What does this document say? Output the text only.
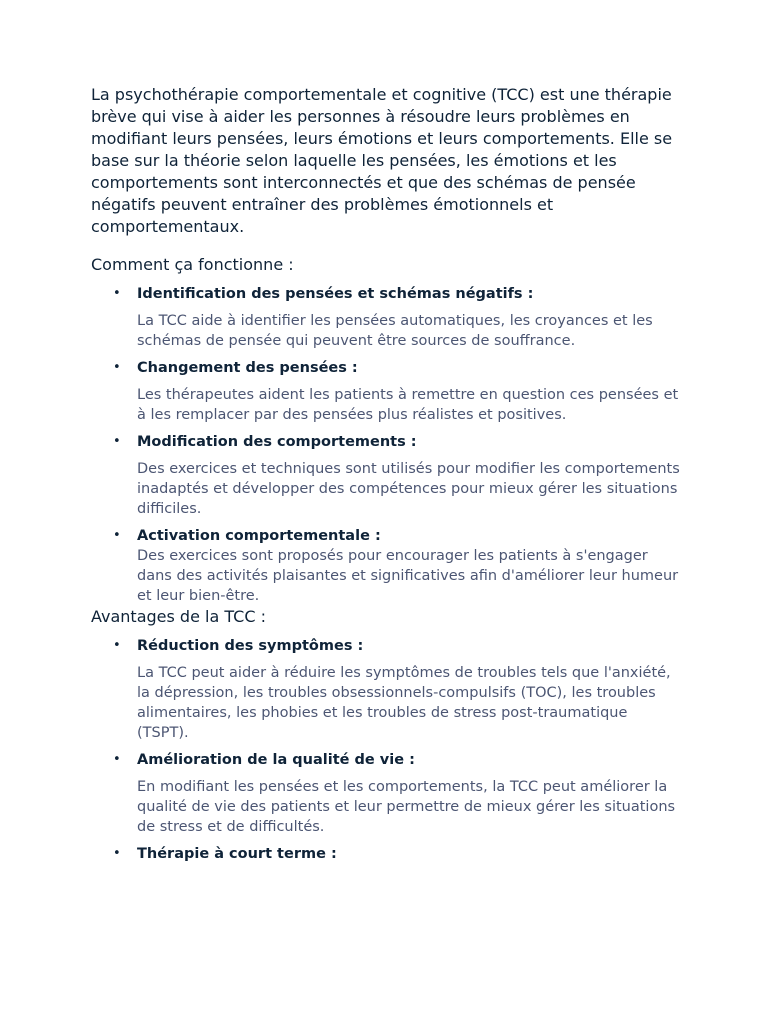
La psychothérapie comportementale et cognitive (TCC) est une thérapie brève qui vise à aider les personnes à résoudre leurs problèmes en modifiant leurs pensées, leurs émotions et leurs comportements. Elle se base sur la théorie selon laquelle les pensées, les émotions et les comportements sont interconnectés et que des schémas de pensée négatifs peuvent entraîner des problèmes émotionnels et comportementaux.

Comment ça fonctionne :

• Identification des pensées et schémas négatifs :
La TCC aide à identifier les pensées automatiques, les croyances et les schémas de pensée qui peuvent être sources de souffrance.
• Changement des pensées :
Les thérapeutes aident les patients à remettre en question ces pensées et à les remplacer par des pensées plus réalistes et positives.
• Modification des comportements :
Des exercices et techniques sont utilisés pour modifier les comportements inadaptés et développer des compétences pour mieux gérer les situations difficiles.
• Activation comportementale :
Des exercices sont proposés pour encourager les patients à s'engager dans des activités plaisantes et significatives afin d'améliorer leur humeur et leur bien-être.

Avantages de la TCC :

• Réduction des symptômes :
La TCC peut aider à réduire les symptômes de troubles tels que l'anxiété, la dépression, les troubles obsessionnels-compulsifs (TOC), les troubles alimentaires, les phobies et les troubles de stress post-traumatique (TSPT).
• Amélioration de la qualité de vie :
En modifiant les pensées et les comportements, la TCC peut améliorer la qualité de vie des patients et leur permettre de mieux gérer les situations de stress et de difficultés.
• Thérapie à court terme :
